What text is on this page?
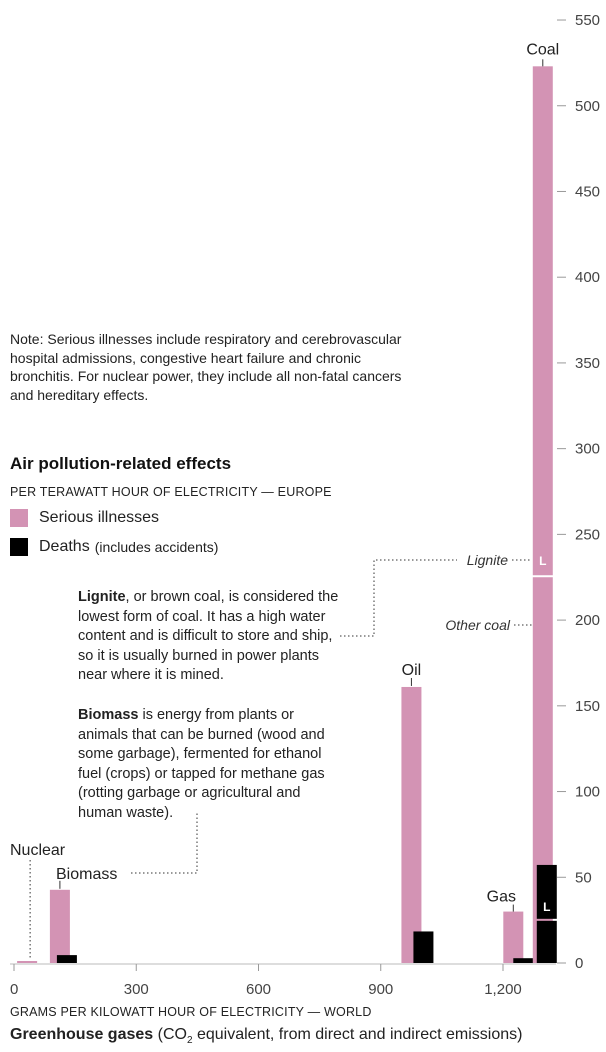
0
50
100
150
200
250
300
350
400
450
500
550
0	300	600	900	1,200
Nuclear
Biomass
Oil
Gas
L
L
Coal
Lignite
Other coal
Note: Serious illnesses include respiratory and cerebrovascular hospital admissions, congestive heart failure and chronic bronchitis. For nuclear power, they include all non-fatal cancers and hereditary effects.
Air pollution-related effects
PER TERAWATT HOUR OF ELECTRICITY — EUROPE
Serious illnesses
Deaths (includes accidents)
Lignite, or brown coal, is considered the lowest form of coal. It has a high water content and is difficult to store and ship, so it is usually burned in power plants near where it is mined.
Biomass is energy from plants or animals that can be burned (wood and some garbage), fermented for ethanol fuel (crops) or tapped for methane gas (rotting garbage or agricultural and human waste).
GRAMS PER KILOWATT HOUR OF ELECTRICITY — WORLD
Greenhouse gases ($CO_2$ equivalent, from direct and indirect emissions)
